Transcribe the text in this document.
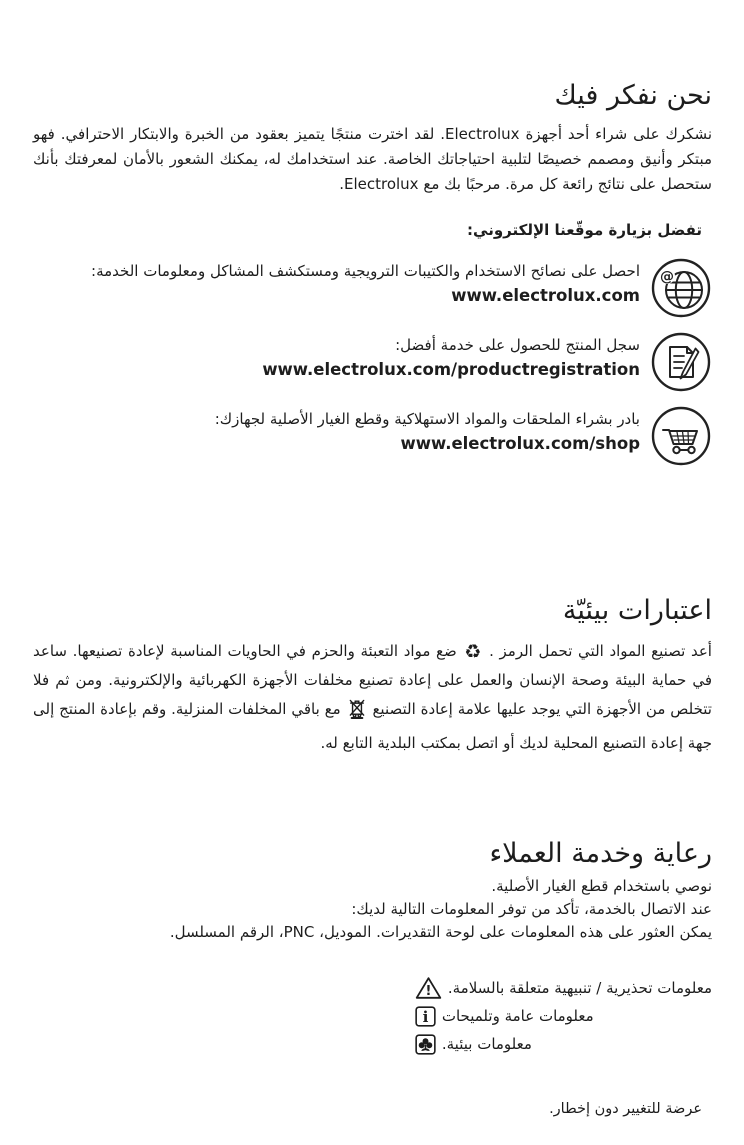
نحن نفكر فيك

نشكرك على شراء أحد أجهزة Electrolux. لقد اخترت منتجًا يتميز بعقود من الخبرة والابتكار الاحترافي. فهو مبتكر وأنيق ومصمم خصيصًا لتلبية احتياجاتك الخاصة. عند استخدامك له، يمكنك الشعور بالأمان لمعرفتك بأنك ستحصل على نتائج رائعة كل مرة. مرحبًا بك مع Electrolux.

تفضل بزيارة موقّعنا الإلكتروني:
@
احصل على نصائح الاستخدام والكتيبات الترويجية ومستكشف المشاكل ومعلومات الخدمة:
www.electrolux.com
سجل المنتج للحصول على خدمة أفضل:
www.electrolux.com/productregistration
بادر بشراء الملحقات والمواد الاستهلاكية وقطع الغيار الأصلية لجهازك:
www.electrolux.com/shop
اعتبارات بيئيّة

أعد تصنيع المواد التي تحمل الرمز . ♻ ضع مواد التعبئة والحزم في الحاويات المناسبة لإعادة تصنيعها. ساعد في حماية البيئة وصحة الإنسان والعمل على إعادة تصنيع مخلفات الأجهزة الكهربائية والإلكترونية. ومن ثم فلا تتخلص من الأجهزة التي يوجد عليها علامة إعادة التصنيع  مع باقي المخلفات المنزلية. وقم بإعادة المنتج إلى جهة إعادة التصنيع المحلية لديك أو اتصل بمكتب البلدية التابع له.

رعاية وخدمة العملاء
نوصي باستخدام قطع الغيار الأصلية.
عند الاتصال بالخدمة، تأكد من توفر المعلومات التالية لديك:
يمكن العثور على هذه المعلومات على لوحة التقديرات. الموديل، PNC، الرقم المسلسل.
معلومات تحذيرية / تنبيهية متعلقة بالسلامة.
!
معلومات عامة وتلميحات
i
معلومات بيئية.
عرضة للتغيير دون إخطار.
